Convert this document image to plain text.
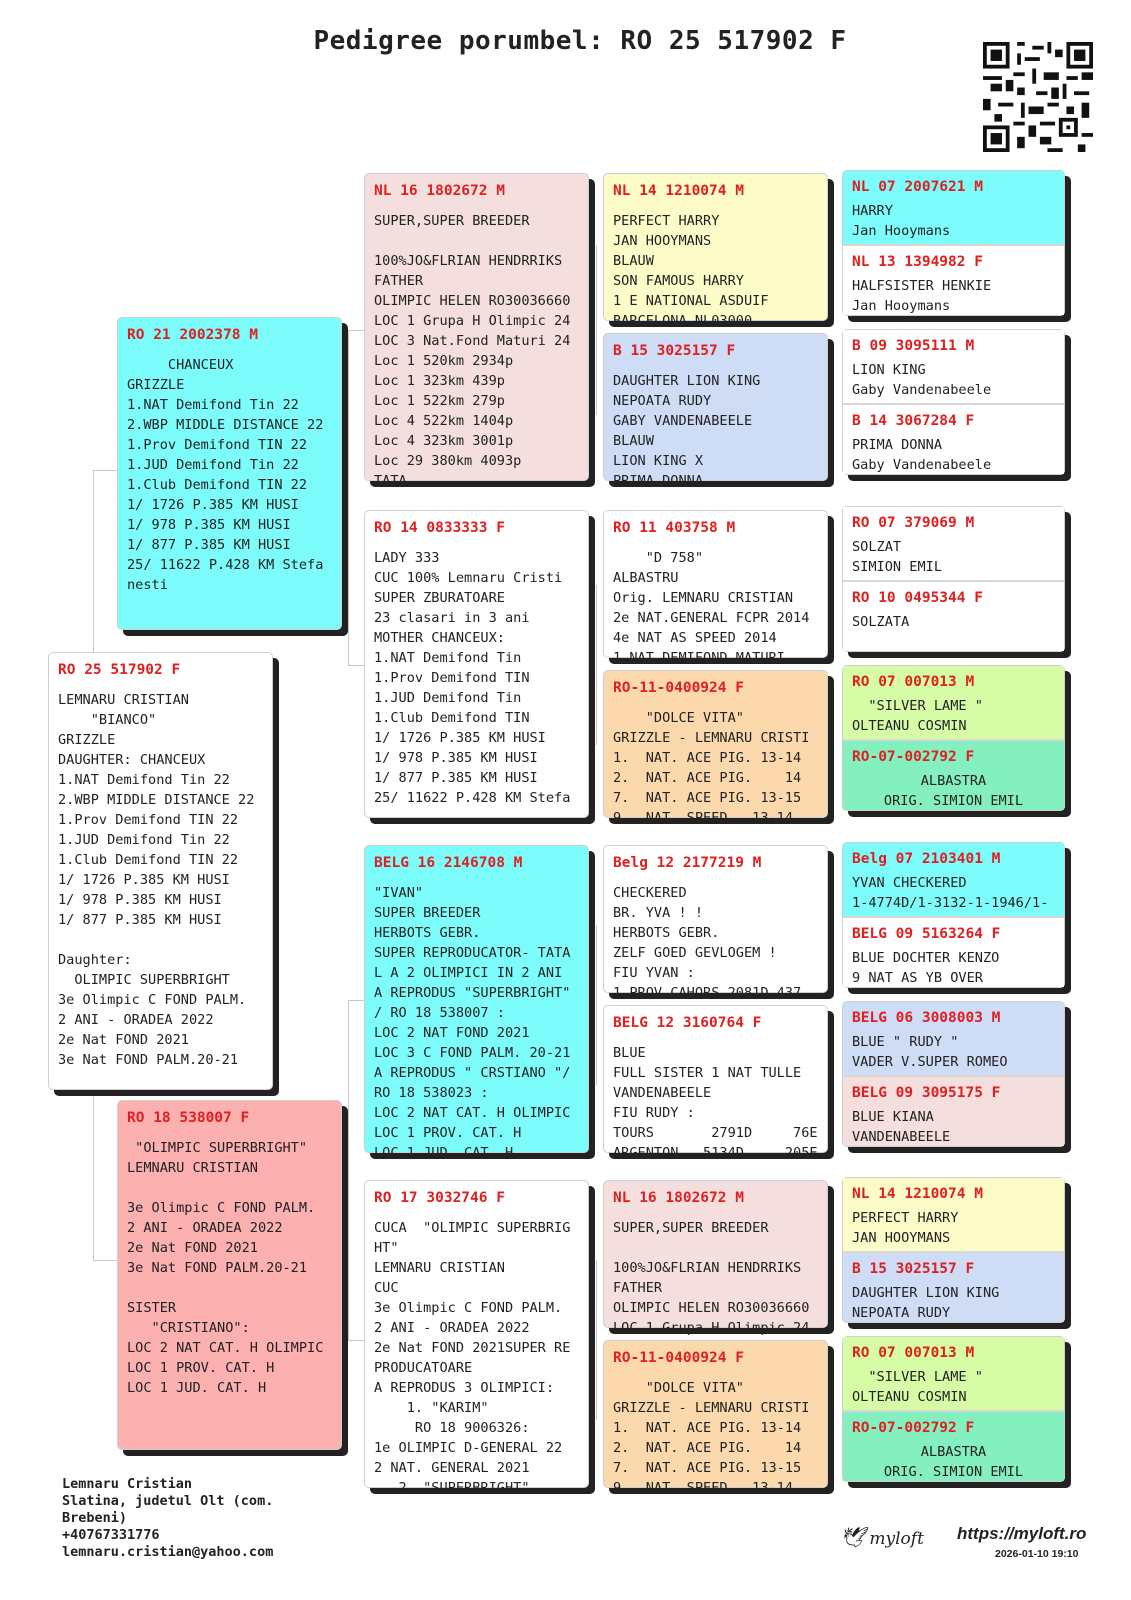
Pedigree porumbel: RO 25 517902 F
RO 25 517902 F
LEMNARU CRISTIAN
"BIANCO"
GRIZZLE
DAUGHTER: CHANCEUX
1.NAT Demifond Tin 22
2.WBP MIDDLE DISTANCE 22
1.Prov Demifond TIN 22
1.JUD Demifond Tin 22
1.Club Demifond TIN 22
1/ 1726 P.385 KM HUSI
1/ 978 P.385 KM HUSI
1/ 877 P.385 KM HUSI

Daughter:
OLIMPIC SUPERBRIGHT
3e Olimpic C FOND PALM.
2 ANI - ORADEA 2022
2e Nat FOND 2021
3e Nat FOND PALM.20-21
RO 21 2002378 M
CHANCEUX
GRIZZLE
1.NAT Demifond Tin 22
2.WBP MIDDLE DISTANCE 22
1.Prov Demifond TIN 22
1.JUD Demifond Tin 22
1.Club Demifond TIN 22
1/ 1726 P.385 KM HUSI
1/ 978 P.385 KM HUSI
1/ 877 P.385 KM HUSI
25/ 11622 P.428 KM Stefa
nesti
RO 18 538007 F
"OLIMPIC SUPERBRIGHT"
LEMNARU CRISTIAN

3e Olimpic C FOND PALM.
2 ANI - ORADEA 2022
2e Nat FOND 2021
3e Nat FOND PALM.20-21

SISTER
"CRISTIANO":
LOC 2 NAT CAT. H OLIMPIC
LOC 1 PROV. CAT. H
LOC 1 JUD. CAT. H
NL 16 1802672 M
SUPER,SUPER BREEDER

100%JO&FLRIAN HENDRRIKS
FATHER
OLIMPIC HELEN RO30036660
LOC 1 Grupa H Olimpic 24
LOC 3 Nat.Fond Maturi 24
Loc 1 520km 2934p
Loc 1 323km 439p
Loc 1 522km 279p
Loc 4 522km 1404p
Loc 4 323km 3001p
Loc 29 380km 4093p
TATA
RO 14 0833333 F
LADY 333
CUC 100% Lemnaru Cristi
SUPER ZBURATOARE
23 clasari in 3 ani
MOTHER CHANCEUX:
1.NAT Demifond Tin
1.Prov Demifond TIN
1.JUD Demifond Tin
1.Club Demifond TIN
1/ 1726 P.385 KM HUSI
1/ 978 P.385 KM HUSI
1/ 877 P.385 KM HUSI
25/ 11622 P.428 KM Stefa
BELG 16 2146708 M
"IVAN"
SUPER BREEDER
HERBOTS GEBR.
SUPER REPRODUCATOR- TATA
L A 2 OLIMPICI IN 2 ANI
A REPRODUS "SUPERBRIGHT"
/ RO 18 538007 :
LOC 2 NAT FOND 2021
LOC 3 C FOND PALM. 20-21
A REPRODUS " CRSTIANO "/
RO 18 538023 :
LOC 2 NAT CAT. H OLIMPIC
LOC 1 PROV. CAT. H
LOC 1 JUD. CAT. H
RO 17 3032746 F
CUCA  "OLIMPIC SUPERBRIG
HT"
LEMNARU CRISTIAN
CUC
3e Olimpic C FOND PALM.
2 ANI - ORADEA 2022
2e Nat FOND 2021SUPER RE
PRODUCATOARE
A REPRODUS 3 OLIMPICI:
1. "KARIM"
RO 18 9006326:
1e OLIMPIC D-GENERAL 22
2 NAT. GENERAL 2021
2. "SUPERBRIGHT"
NL 14 1210074 M
PERFECT HARRY
JAN HOOYMANS
BLAUW
SON FAMOUS HARRY
1 E NATIONAL ASDUIF
BARCELONA NL03000
B 15 3025157 F
DAUGHTER LION KING
NEPOATA RUDY
GABY VANDENABEELE
BLAUW
LION KING X
PRIMA DONNA
RO 11 403758 M
"D 758"
ALBASTRU
Orig. LEMNARU CRISTIAN
2e NAT.GENERAL FCPR 2014
4e NAT AS SPEED 2014
1 NAT DEMIFOND MATURI
RO-11-0400924 F
"DOLCE VITA"
GRIZZLE - LEMNARU CRISTI
1.  NAT. ACE PIG. 13-14
2.  NAT. ACE PIG.    14
7.  NAT. ACE PIG. 13-15
9.  NAT. SPEED   13-14
Belg 12 2177219 M
CHECKERED
BR. YVA ! !
HERBOTS GEBR.
ZELF GOED GEVLOGEM !
FIU YVAN :
1 PROV CAHORS 2081D 437
BELG 12 3160764 F
BLUE
FULL SISTER 1 NAT TULLE
VANDENABEELE
FIU RUDY :
TOURS       2791D     76E
ARGENTON   5134D     205E
NL 16 1802672 M
SUPER,SUPER BREEDER

100%JO&FLRIAN HENDRRIKS
FATHER
OLIMPIC HELEN RO30036660
LOC 1 Grupa H Olimpic 24
RO-11-0400924 F
"DOLCE VITA"
GRIZZLE - LEMNARU CRISTI
1.  NAT. ACE PIG. 13-14
2.  NAT. ACE PIG.    14
7.  NAT. ACE PIG. 13-15
9.  NAT. SPEED   13-14
NL 07 2007621 M
HARRY
Jan Hooymans
NL 13 1394982 F
HALFSISTER HENKIE
Jan Hooymans
B 09 3095111 M
LION KING
Gaby Vandenabeele
B 14 3067284 F
PRIMA DONNA
Gaby Vandenabeele
RO 07 379069 M
SOLZAT
SIMION EMIL
RO 10 0495344 F
SOLZATA
RO 07 007013 M
"SILVER LAME "
OLTEANU COSMIN
RO-07-002792 F
ALBASTRA
ORIG. SIMION EMIL
Belg 07 2103401 M
YVAN CHECKERED
1-4774D/1-3132-1-1946/1-
BELG 09 5163264 F
BLUE DOCHTER KENZO
9 NAT AS YB OVER
BELG 06 3008003 M
BLUE " RUDY "
VADER V.SUPER ROMEO
BELG 09 3095175 F
BLUE KIANA
VANDENABEELE
NL 14 1210074 M
PERFECT HARRY
JAN HOOYMANS
B 15 3025157 F
DAUGHTER LION KING
NEPOATA RUDY
RO 07 007013 M
"SILVER LAME "
OLTEANU COSMIN
RO-07-002792 F
ALBASTRA
ORIG. SIMION EMIL
Lemnaru Cristian
Slatina, judetul Olt (com.
Brebeni)
+40767331776
lemnaru.cristian@yahoo.com
🕊 myloft https://myloft.ro
2026-01-10 19:10
